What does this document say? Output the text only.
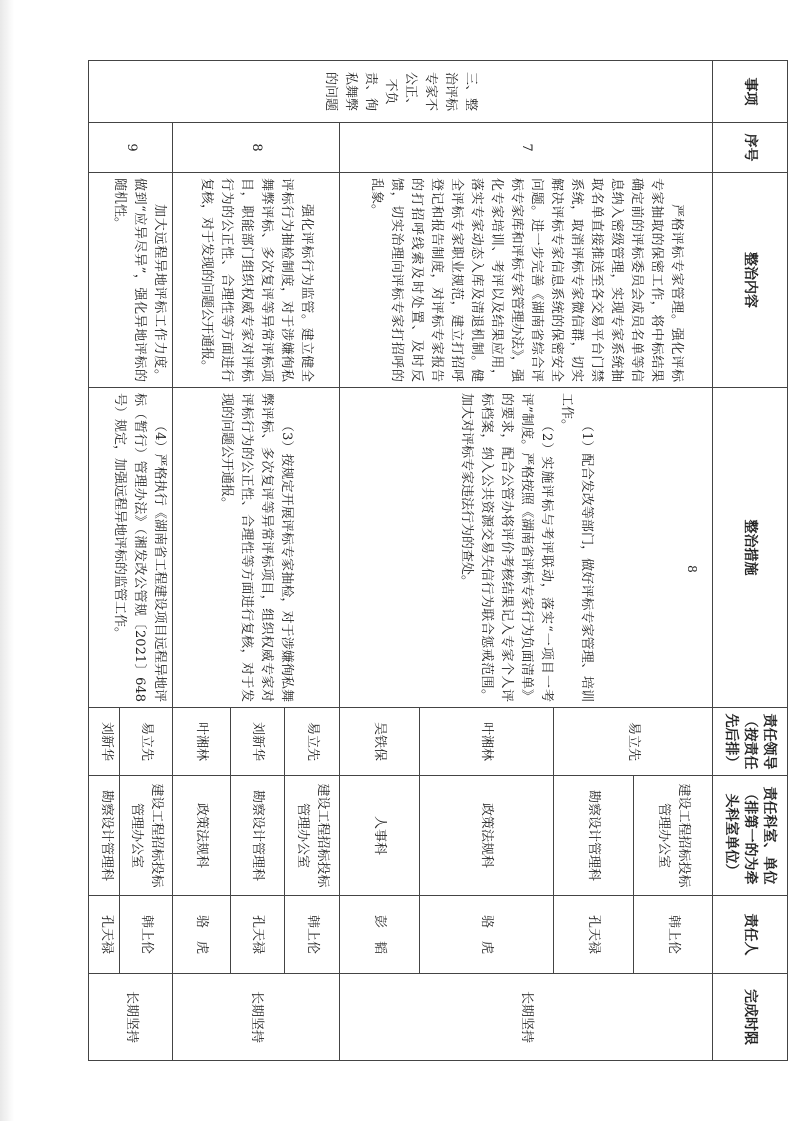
事项	序号	整治内容	整治措施	责任领导（按责任先后排）	责任科室、单位（排第一的为牵头科室单位）	责任人	完成时限
三、整治评标专家不公正、不负责、徇私舞弊的问题	7	严格评标专家管理。强化评标专家抽取的保密工作，将中标结果确定前的评标委员会成员名单等信息纳入密级管理，实现专家系统抽取名单直接推送至各交易平台门禁系统，取消评标专家微信群，切实解决评标专家信息系统的保密安全问题。进一步完善《湖南省综合评标专家库和评标专家管理办法》，强化专家培训、考评以及结果应用，落实专家动态入库及清退机制。健全评标专家职业规范，建立打招呼登记和报告制度，对评标专家报告的打招呼线索及时处置、及时反馈，切实治理向评标专家打招呼的乱象。	（1）配合发改等部门，做好评标专家管理、培训工作。
（2）实施评标与考评联动，落实“一项目一考评”制度。严格按照《湖南省评标专家行为负面清单》的要求，配合公管办将评价考核结果记入专家个人评标档案，纳入公共资源交易失信行为联合惩戒范围。加大对评标专家违法行为的查处。	易立先	建设工程招标投标管理办公室	韩上伦	长期坚持
					勘察设计管理科	孔天禄	
				叶湘林	政策法规科	骆　虎	
				吴铁保	人事科	彭　韬	
	8	强化评标行为监管。建立健全评标行为抽检制度，对于涉嫌徇私舞弊评标、多次复评等异常评标项目，职能部门组织权威专家对评标行为的公正性、合理性等方面进行复核，对于发现的问题公开通报。	（3）按规定开展评标专家抽检，对于涉嫌徇私舞弊评标、多次复评等异常评标项目，组织权威专家对评标行为的公正性、合理性等方面进行复核，对于发现的问题公开通报。	易立先	建设工程招标投标管理办公室	韩上伦	长期坚持
				刘新华	勘察设计管理科	孔天禄	
				叶湘林	政策法规科	骆　虎	
	9	加大远程异地评标工作力度。做到“应异尽异”，强化异地评标的随机性。	（4）严格执行《湖南省工程建设项目远程异地评标（暂行）管理办法》（湘发改公管规〔2021〕648号）规定，加强远程异地评标的监管工作。	易立先	建设工程招标投标管理办公室	韩上伦	长期坚持

				刘新华	勘察设计管理科	孔天禄	
8
